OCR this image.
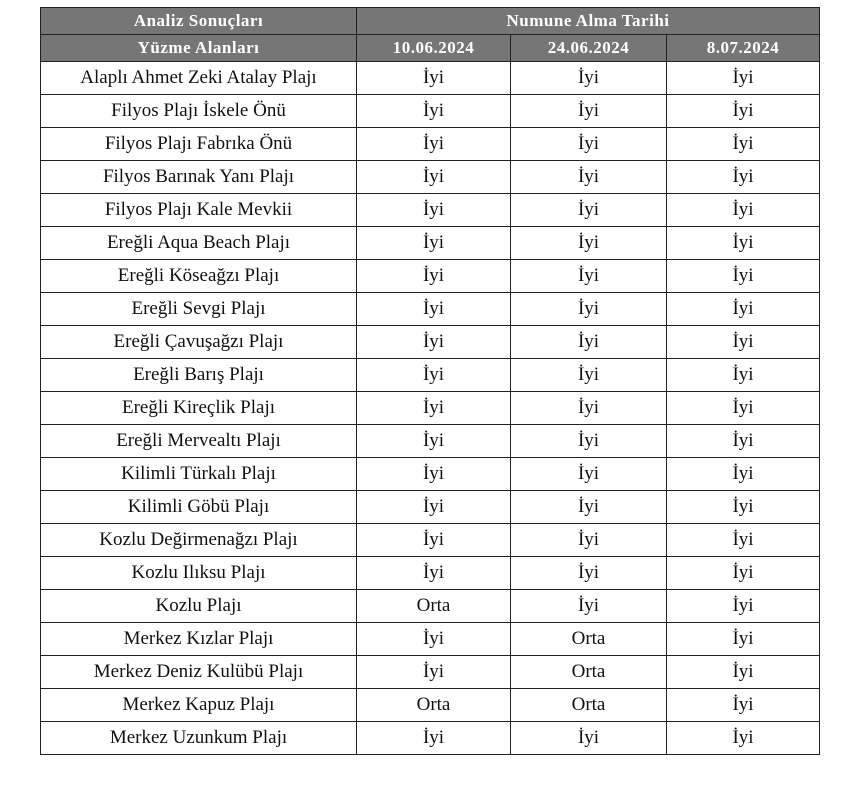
Analiz Sonuçları	Numune Alma Tarihi		
Yüzme Alanları	10.06.2024	24.06.2024	8.07.2024
Alaplı Ahmet Zeki Atalay Plajı	İyi	İyi	İyi
Filyos Plajı İskele Önü	İyi	İyi	İyi
Filyos Plajı Fabrıka Önü	İyi	İyi	İyi
Filyos Barınak Yanı Plajı	İyi	İyi	İyi
Filyos Plajı Kale Mevkii	İyi	İyi	İyi
Ereğli Aqua Beach Plajı	İyi	İyi	İyi
Ereğli Köseağzı Plajı	İyi	İyi	İyi
Ereğli Sevgi Plajı	İyi	İyi	İyi
Ereğli Çavuşağzı Plajı	İyi	İyi	İyi
Ereğli Barış Plajı	İyi	İyi	İyi
Ereğli Kireçlik Plajı	İyi	İyi	İyi
Ereğli Mervealtı Plajı	İyi	İyi	İyi
Kilimli Türkalı Plajı	İyi	İyi	İyi
Kilimli Göbü Plajı	İyi	İyi	İyi
Kozlu Değirmenağzı Plajı	İyi	İyi	İyi
Kozlu Ilıksu Plajı	İyi	İyi	İyi
Kozlu Plajı	Orta	İyi	İyi
Merkez Kızlar Plajı	İyi	Orta	İyi
Merkez Deniz Kulübü Plajı	İyi	Orta	İyi
Merkez Kapuz Plajı	Orta	Orta	İyi
Merkez Uzunkum Plajı	İyi	İyi	İyi
